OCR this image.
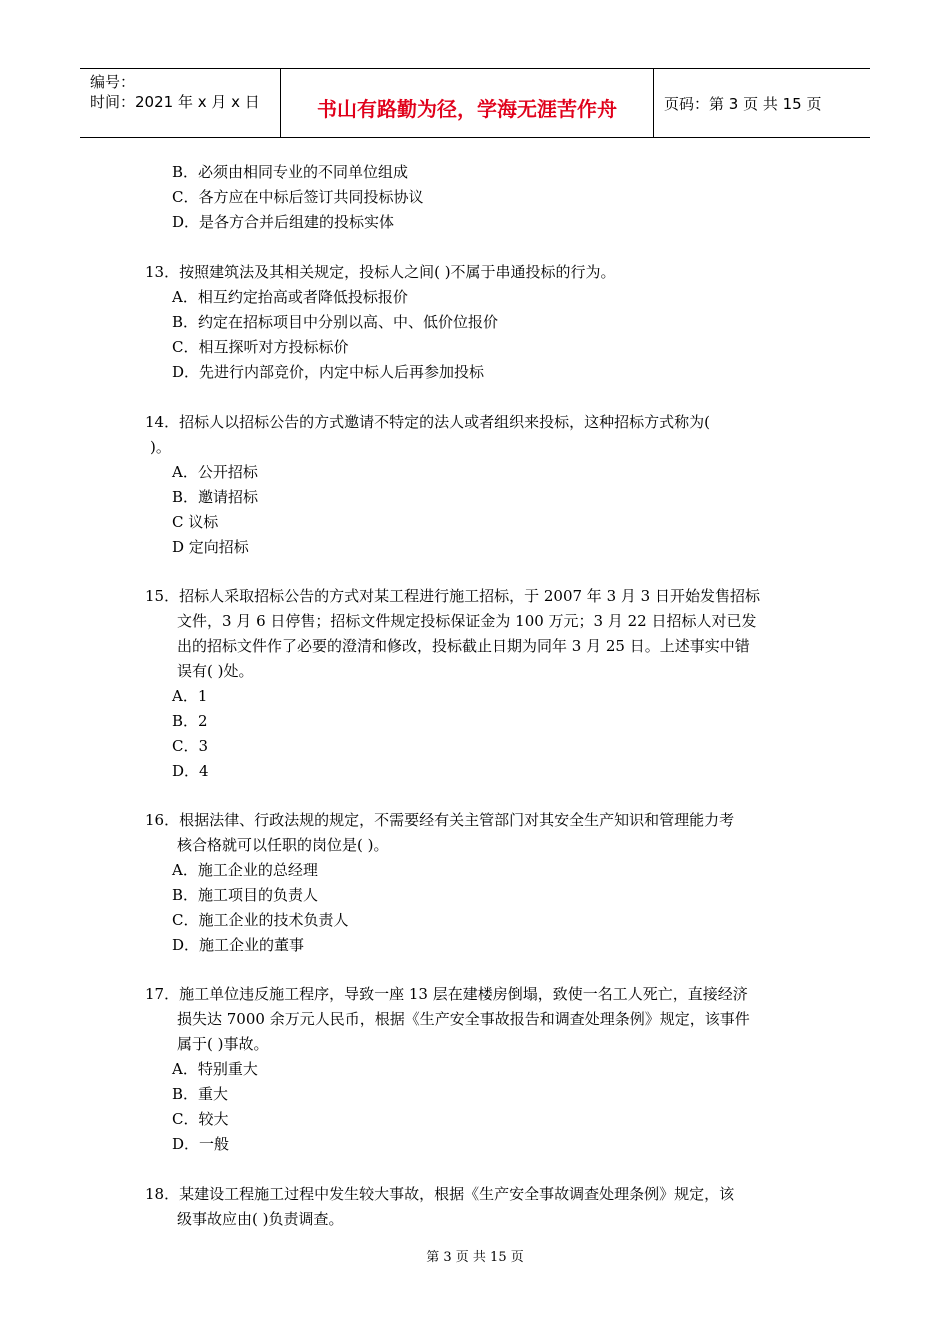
编号：
时间：2021 年 x 月 x 日	书山有路勤为径，学海无涯苦作舟	页码：第 3 页 共 15 页
B．必须由相同专业的不同单位组成
C．各方应在中标后签订共同投标协议
D．是各方合并后组建的投标实体
13．按照建筑法及其相关规定，投标人之间( )不属于串通投标的行为。
A．相互约定抬高或者降低投标报价
B．约定在招标项目中分别以高、中、低价位报价
C．相互探听对方投标标价
D．先进行内部竞价，内定中标人后再参加投标
14．招标人以招标公告的方式邀请不特定的法人或者组织来投标，这种招标方式称为(
)。
A．公开招标
B．邀请招标
C 议标
D 定向招标
15．招标人采取招标公告的方式对某工程进行施工招标，于 2007 年 3 月 3 日开始发售招标
文件，3 月 6 日停售；招标文件规定投标保证金为 100 万元；3 月 22 日招标人对已发
出的招标文件作了必要的澄清和修改，投标截止日期为同年 3 月 25 日。上述事实中错
误有( )处。
A．1
B．2
C．3
D．4
16．根据法律、行政法规的规定，不需要经有关主管部门对其安全生产知识和管理能力考
核合格就可以任职的岗位是( )。
A．施工企业的总经理
B．施工项目的负责人
C．施工企业的技术负责人
D．施工企业的董事
17．施工单位违反施工程序，导致一座 13 层在建楼房倒塌，致使一名工人死亡，直接经济
损失达 7000 余万元人民币，根据《生产安全事故报告和调查处理条例》规定，该事件
属于( )事故。
A．特别重大
B．重大
C．较大
D．一般
18．某建设工程施工过程中发生较大事故，根据《生产安全事故调查处理条例》规定，该
级事故应由( )负责调查。
第 3 页 共 15 页
